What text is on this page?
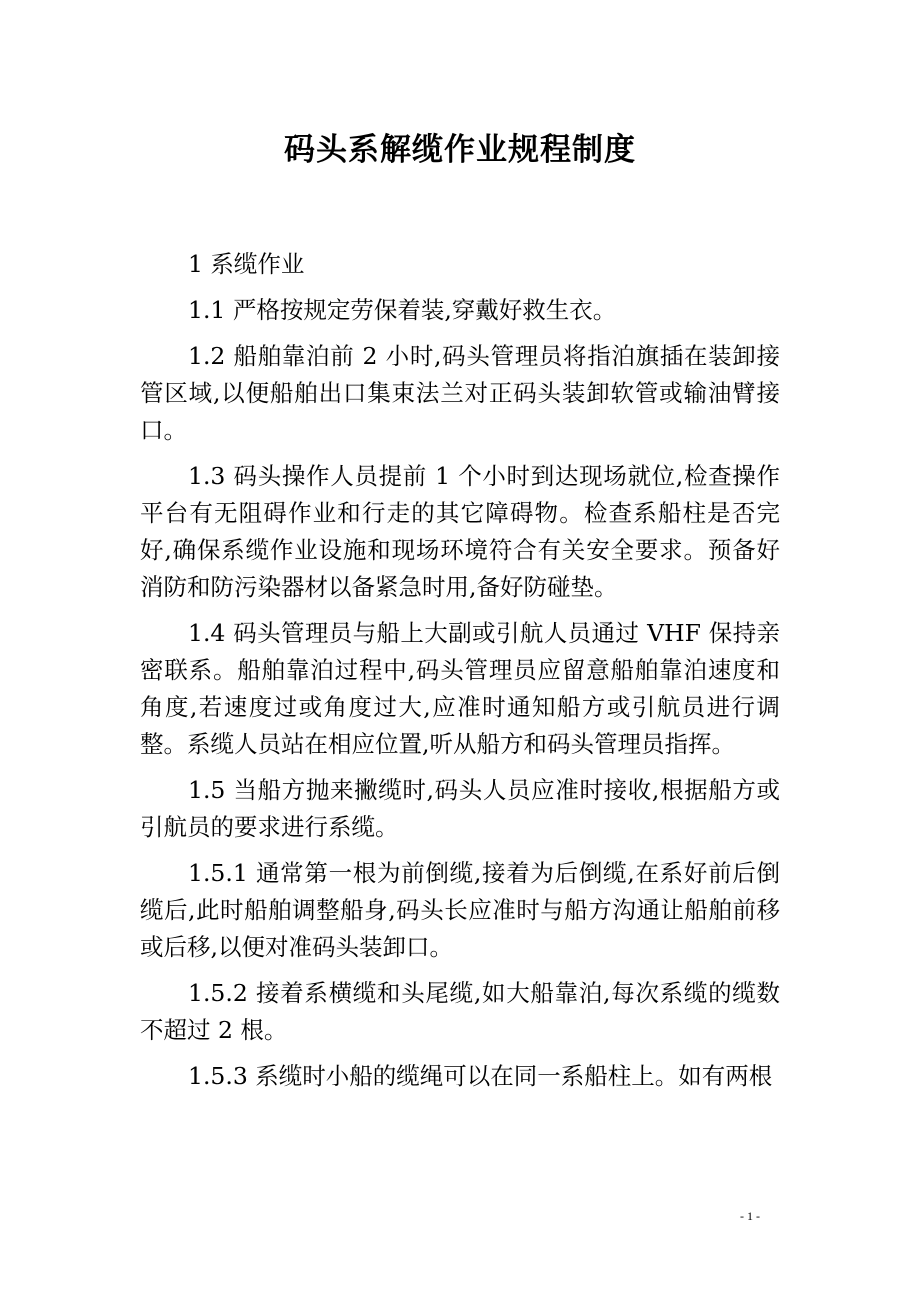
码头系解缆作业规程制度

1 系缆作业

1.1 严格按规定劳保着装,穿戴好救生衣。

1.2 船舶靠泊前 2 小时,码头管理员将指泊旗插在装卸接管区域,以便船舶出口集束法兰对正码头装卸软管或输油臂接口。

1.3 码头操作人员提前 1 个小时到达现场就位,检查操作平台有无阻碍作业和行走的其它障碍物。检查系船柱是否完好,确保系缆作业设施和现场环境符合有关安全要求。预备好消防和防污染器材以备紧急时用,备好防碰垫。

1.4 码头管理员与船上大副或引航人员通过 VHF 保持亲密联系。船舶靠泊过程中,码头管理员应留意船舶靠泊速度和角度,若速度过或角度过大,应准时通知船方或引航员进行调整。系缆人员站在相应位置,听从船方和码头管理员指挥。

1.5 当船方抛来撇缆时,码头人员应准时接收,根据船方或引航员的要求进行系缆。

1.5.1 通常第一根为前倒缆,接着为后倒缆,在系好前后倒缆后,此时船舶调整船身,码头长应准时与船方沟通让船舶前移或后移,以便对准码头装卸口。

1.5.2 接着系横缆和头尾缆,如大船靠泊,每次系缆的缆数不超过 2 根。

1.5.3 系缆时小船的缆绳可以在同一系船柱上。如有两根

- 1 -
